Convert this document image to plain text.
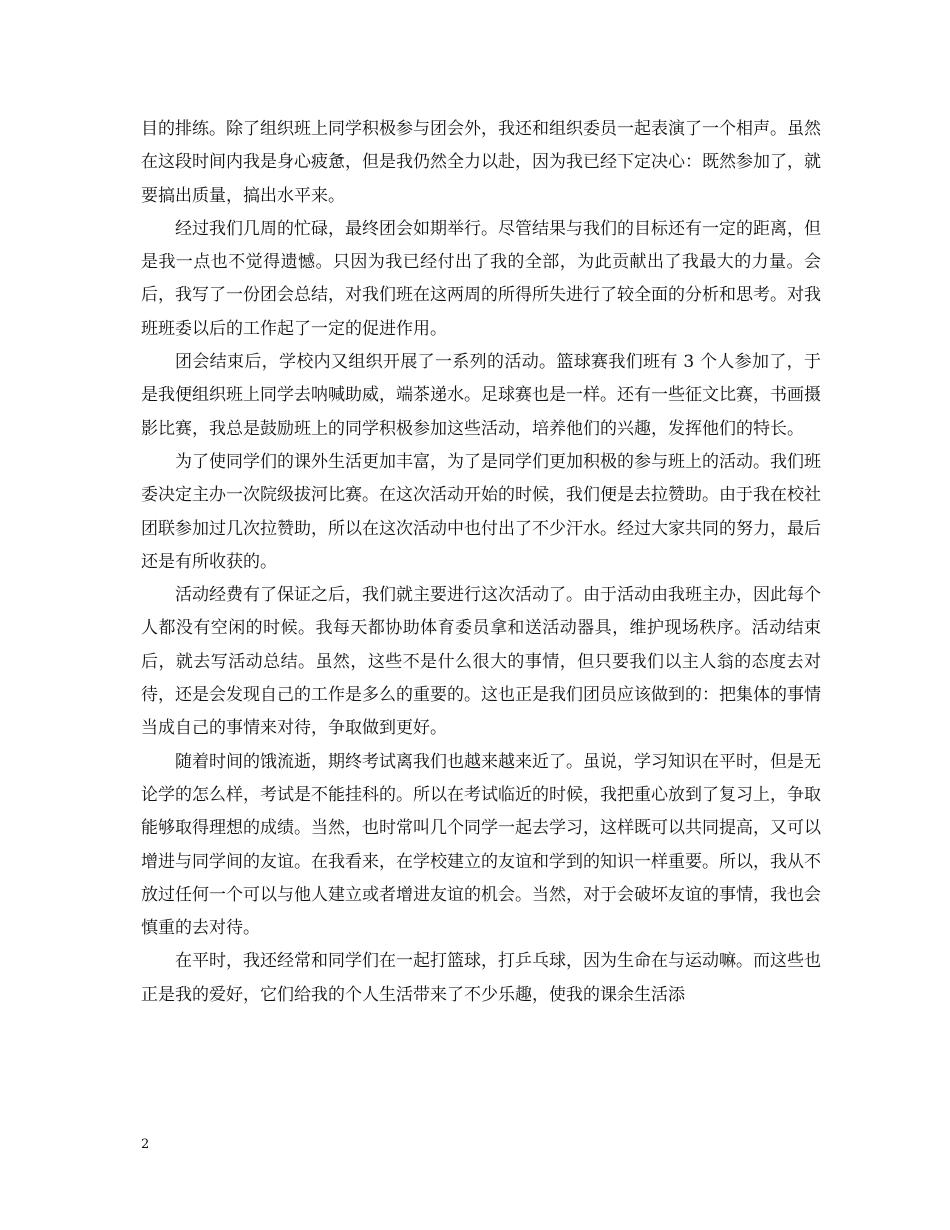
目的排练。除了组织班上同学积极参与团会外，我还和组织委员一起表演了一个相声。虽然在这段时间内我是身心疲惫，但是我仍然全力以赴，因为我已经下定决心：既然参加了，就要搞出质量，搞出水平来。

经过我们几周的忙碌，最终团会如期举行。尽管结果与我们的目标还有一定的距离，但是我一点也不觉得遗憾。只因为我已经付出了我的全部，为此贡献出了我最大的力量。会后，我写了一份团会总结，对我们班在这两周的所得所失进行了较全面的分析和思考。对我班班委以后的工作起了一定的促进作用。

团会结束后，学校内又组织开展了一系列的活动。篮球赛我们班有 3 个人参加了，于是我便组织班上同学去呐喊助威，端茶递水。足球赛也是一样。还有一些征文比赛，书画摄影比赛，我总是鼓励班上的同学积极参加这些活动，培养他们的兴趣，发挥他们的特长。

为了使同学们的课外生活更加丰富，为了是同学们更加积极的参与班上的活动。我们班委决定主办一次院级拔河比赛。在这次活动开始的时候，我们便是去拉赞助。由于我在校社团联参加过几次拉赞助，所以在这次活动中也付出了不少汗水。经过大家共同的努力，最后还是有所收获的。

活动经费有了保证之后，我们就主要进行这次活动了。由于活动由我班主办，因此每个人都没有空闲的时候。我每天都协助体育委员拿和送活动器具，维护现场秩序。活动结束后，就去写活动总结。虽然，这些不是什么很大的事情，但只要我们以主人翁的态度去对待，还是会发现自己的工作是多么的重要的。这也正是我们团员应该做到的：把集体的事情当成自己的事情来对待，争取做到更好。

随着时间的饿流逝，期终考试离我们也越来越来近了。虽说，学习知识在平时，但是无论学的怎么样，考试是不能挂科的。所以在考试临近的时候，我把重心放到了复习上，争取能够取得理想的成绩。当然，也时常叫几个同学一起去学习，这样既可以共同提高，又可以增进与同学间的友谊。在我看来，在学校建立的友谊和学到的知识一样重要。所以，我从不放过任何一个可以与他人建立或者增进友谊的机会。当然，对于会破坏友谊的事情，我也会慎重的去对待。

在平时，我还经常和同学们在一起打篮球，打乒乓球，因为生命在与运动嘛。而这些也正是我的爱好，它们给我的个人生活带来了不少乐趣，使我的课余生活添

2
